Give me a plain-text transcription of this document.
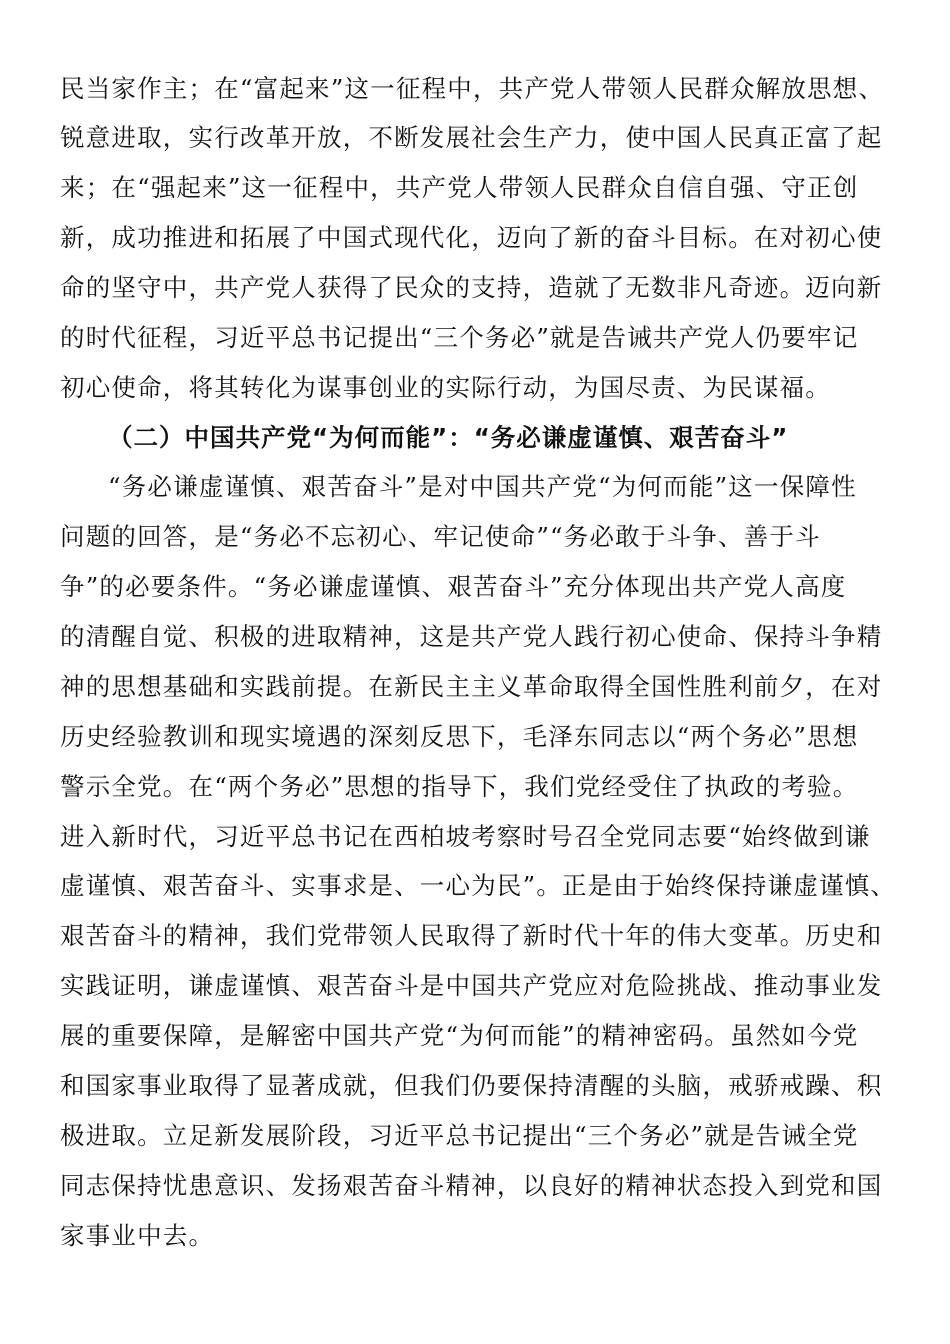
民当家作主；在“富起来”这一征程中，共产党人带领人民群众解放思想、
锐意进取，实行改革开放，不断发展社会生产力，使中国人民真正富了起
来；在“强起来”这一征程中，共产党人带领人民群众自信自强、守正创
新，成功推进和拓展了中国式现代化，迈向了新的奋斗目标。在对初心使
命的坚守中，共产党人获得了民众的支持，造就了无数非凡奇迹。迈向新
的时代征程，习近平总书记提出“三个务必”就是告诫共产党人仍要牢记
初心使命，将其转化为谋事创业的实际行动，为国尽责、为民谋福。
（二）中国共产党“为何而能”：“务必谦虚谨慎、艰苦奋斗”
“务必谦虚谨慎、艰苦奋斗”是对中国共产党“为何而能”这一保障性
问题的回答，是“务必不忘初心、牢记使命”“务必敢于斗争、善于斗
争”的必要条件。“务必谦虚谨慎、艰苦奋斗”充分体现出共产党人高度
的清醒自觉、积极的进取精神，这是共产党人践行初心使命、保持斗争精
神的思想基础和实践前提。在新民主主义革命取得全国性胜利前夕，在对
历史经验教训和现实境遇的深刻反思下，毛泽东同志以“两个务必”思想
警示全党。在“两个务必”思想的指导下，我们党经受住了执政的考验。
进入新时代，习近平总书记在西柏坡考察时号召全党同志要“始终做到谦
虚谨慎、艰苦奋斗、实事求是、一心为民”。正是由于始终保持谦虚谨慎、
艰苦奋斗的精神，我们党带领人民取得了新时代十年的伟大变革。历史和
实践证明，谦虚谨慎、艰苦奋斗是中国共产党应对危险挑战、推动事业发
展的重要保障，是解密中国共产党“为何而能”的精神密码。虽然如今党
和国家事业取得了显著成就，但我们仍要保持清醒的头脑，戒骄戒躁、积
极进取。立足新发展阶段，习近平总书记提出“三个务必”就是告诫全党
同志保持忧患意识、发扬艰苦奋斗精神，以良好的精神状态投入到党和国
家事业中去。
